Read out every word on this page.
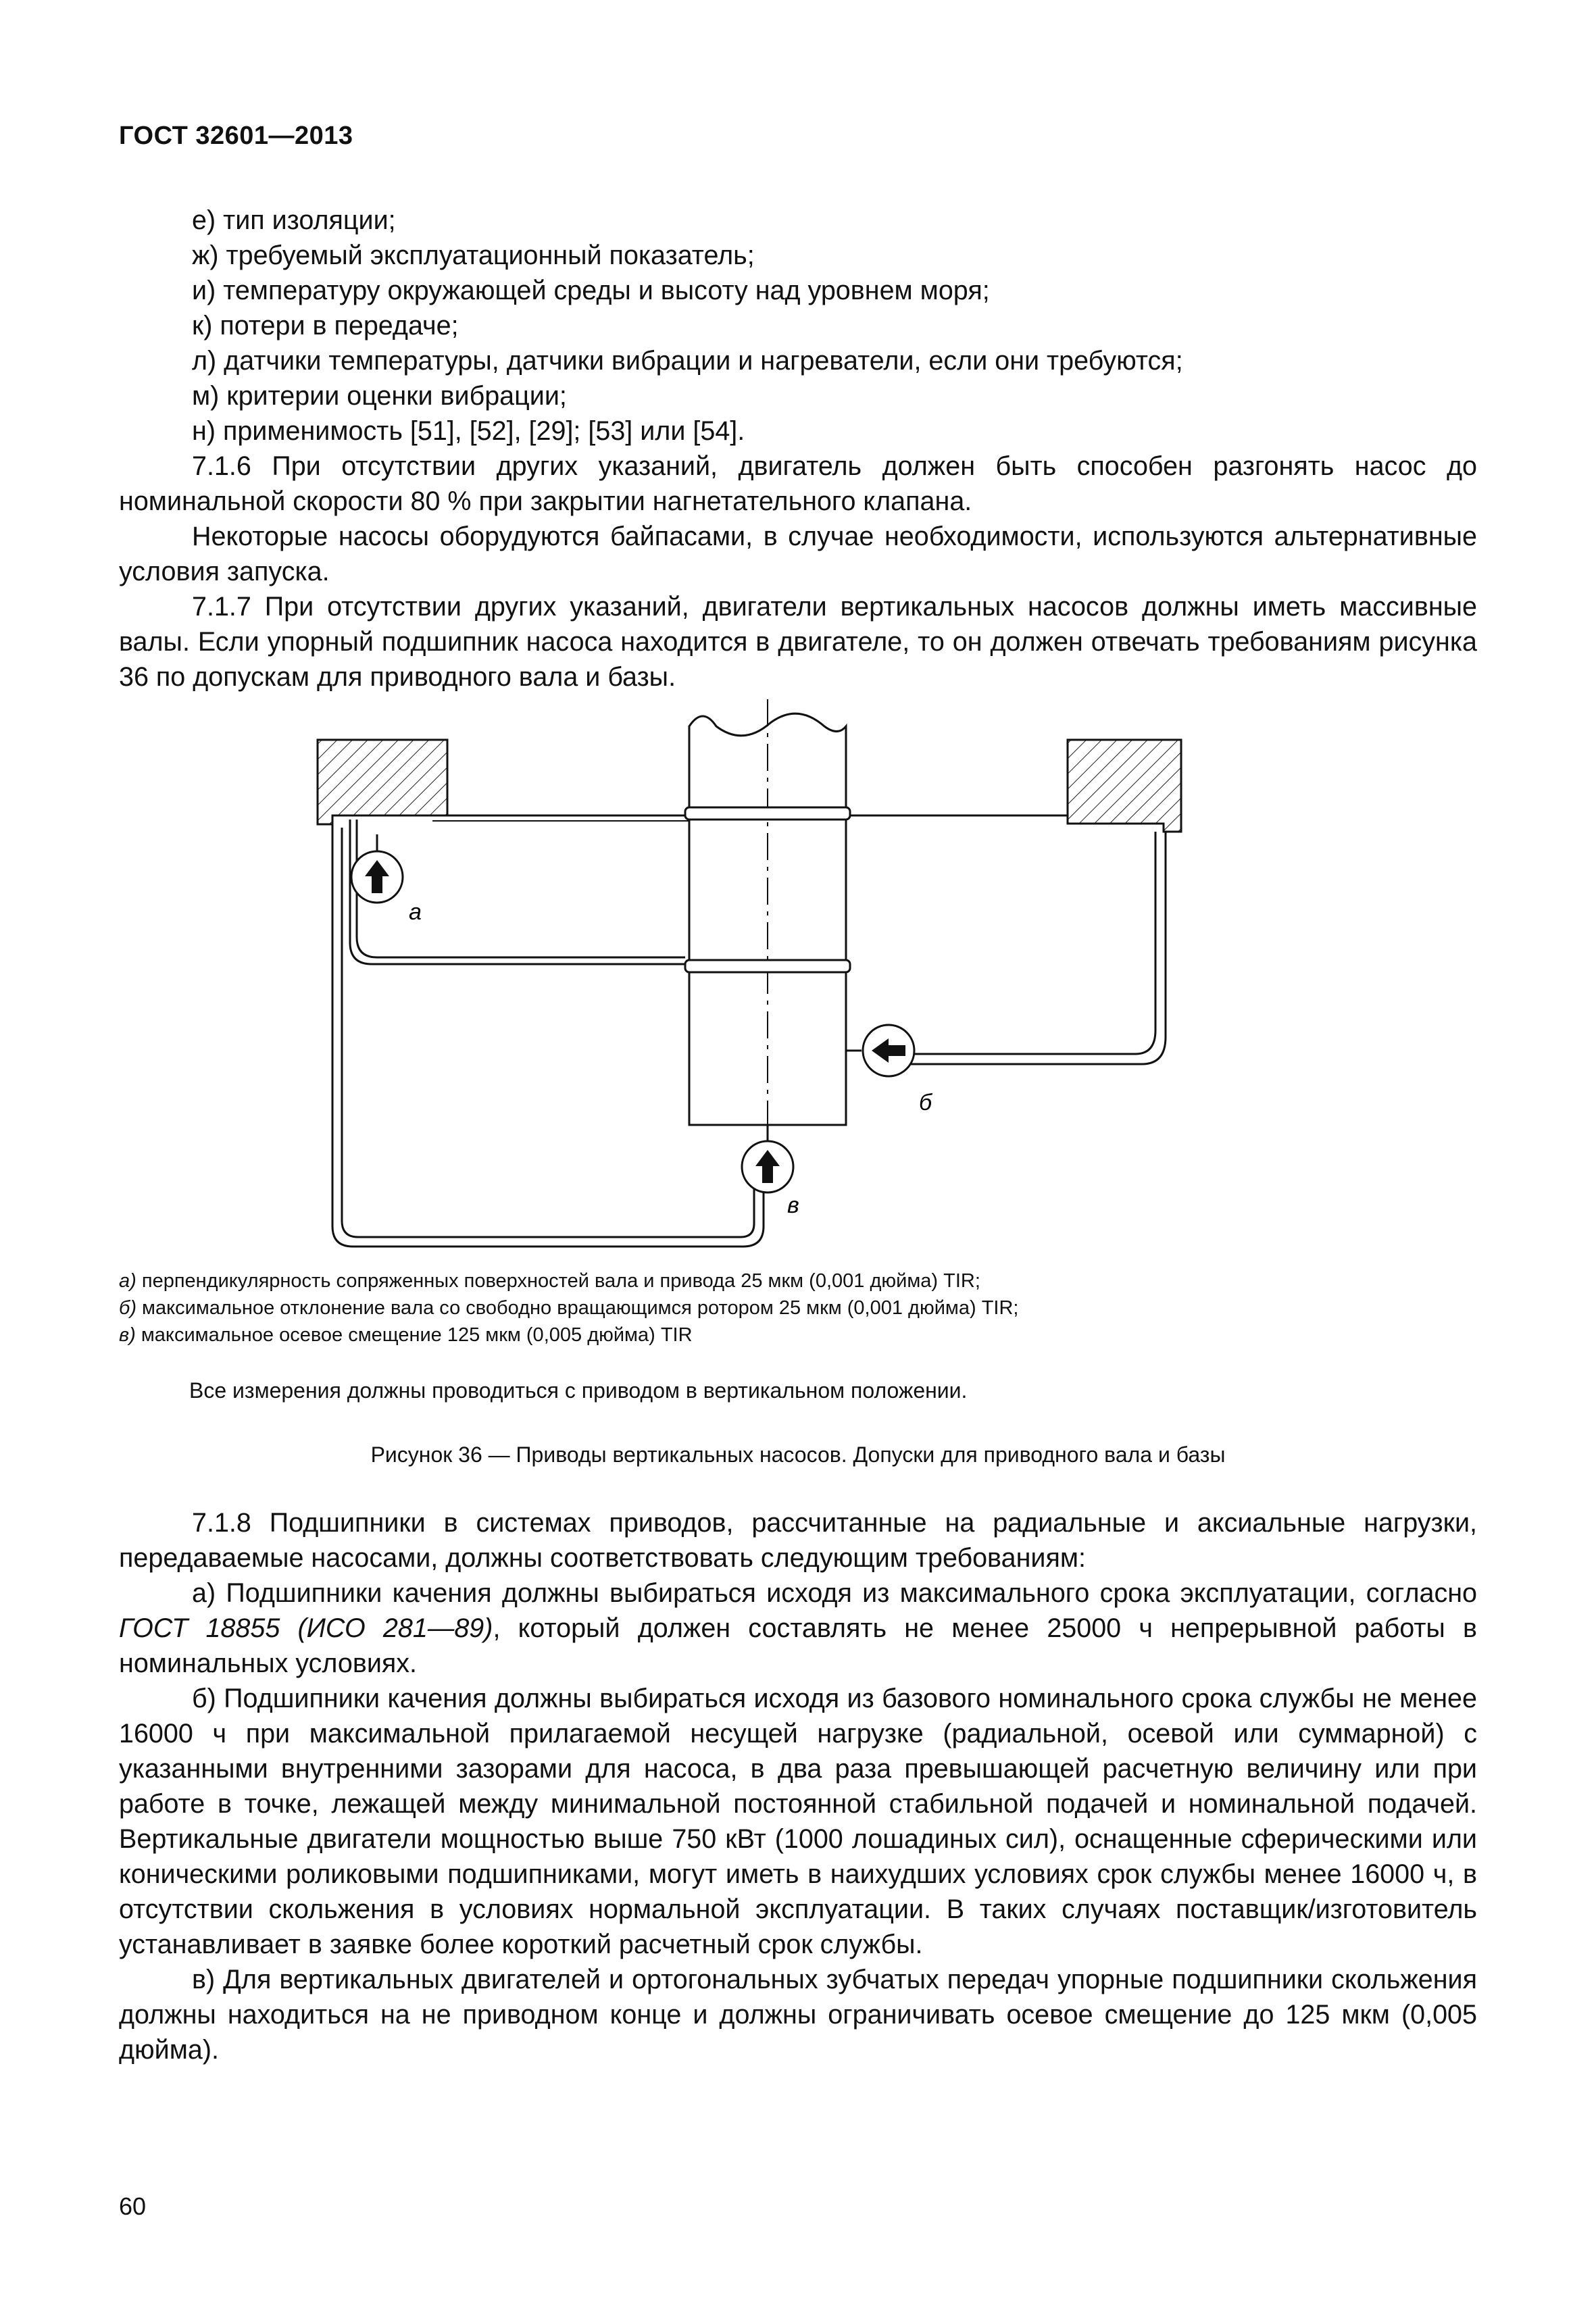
ГОСТ 32601—2013

е) тип изоляции;

ж) требуемый эксплуатационный показатель;

и) температуру окружающей среды и высоту над уровнем моря;

к) потери в передаче;

л) датчики температуры, датчики вибрации и нагреватели, если они требуются;

м) критерии оценки вибрации;

н) применимость [51], [52], [29]; [53] или [54].

7.1.6 При отсутствии других указаний, двигатель должен быть способен разгонять насос до номинальной скорости 80 % при закрытии нагнетательного клапана.

Некоторые насосы оборудуются байпасами, в случае необходимости, используются альтернативные условия запуска.

7.1.7 При отсутствии других указаний, двигатели вертикальных насосов должны иметь массивные валы. Если упорный подшипник насоса находится в двигателе, то он должен отвечать требованиям рисунка 36 по допускам для приводного вала и базы.

а
б
в

а) перпендикулярность сопряженных поверхностей вала и привода 25 мкм (0,001 дюйма) TIR;

б) максимальное отклонение вала со свободно вращающимся ротором 25 мкм (0,001 дюйма) TIR;

в) максимальное осевое смещение 125 мкм (0,005 дюйма) TIR

Все измерения должны проводиться с приводом в вертикальном положении.
Рисунок 36 — Приводы вертикальных насосов. Допуски для приводного вала и базы

7.1.8 Подшипники в системах приводов, рассчитанные на радиальные и аксиальные нагрузки, передаваемые насосами, должны соответствовать следующим требованиям:

а) Подшипники качения должны выбираться исходя из максимального срока эксплуатации, согласно ГОСТ 18855 (ИСО 281—89), который должен составлять не менее 25000 ч непрерывной работы в номинальных условиях.

б) Подшипники качения должны выбираться исходя из базового номинального срока службы не менее 16000 ч при максимальной прилагаемой несущей нагрузке (радиальной, осевой или суммарной) с указанными внутренними зазорами для насоса, в два раза превышающей расчетную величину или при работе в точке, лежащей между минимальной постоянной стабильной подачей и номинальной подачей. Вертикальные двигатели мощностью выше 750 кВт (1000 лошадиных сил), оснащенные сферическими или коническими роликовыми подшипниками, могут иметь в наихудших условиях срок службы менее 16000 ч, в отсутствии скольжения в условиях нормальной эксплуатации. В таких случаях поставщик/изготовитель устанавливает в заявке более короткий расчетный срок службы.

в) Для вертикальных двигателей и ортогональных зубчатых передач упорные подшипники скольжения должны находиться на не приводном конце и должны ограничивать осевое смещение до 125 мкм (0,005 дюйма).

60
